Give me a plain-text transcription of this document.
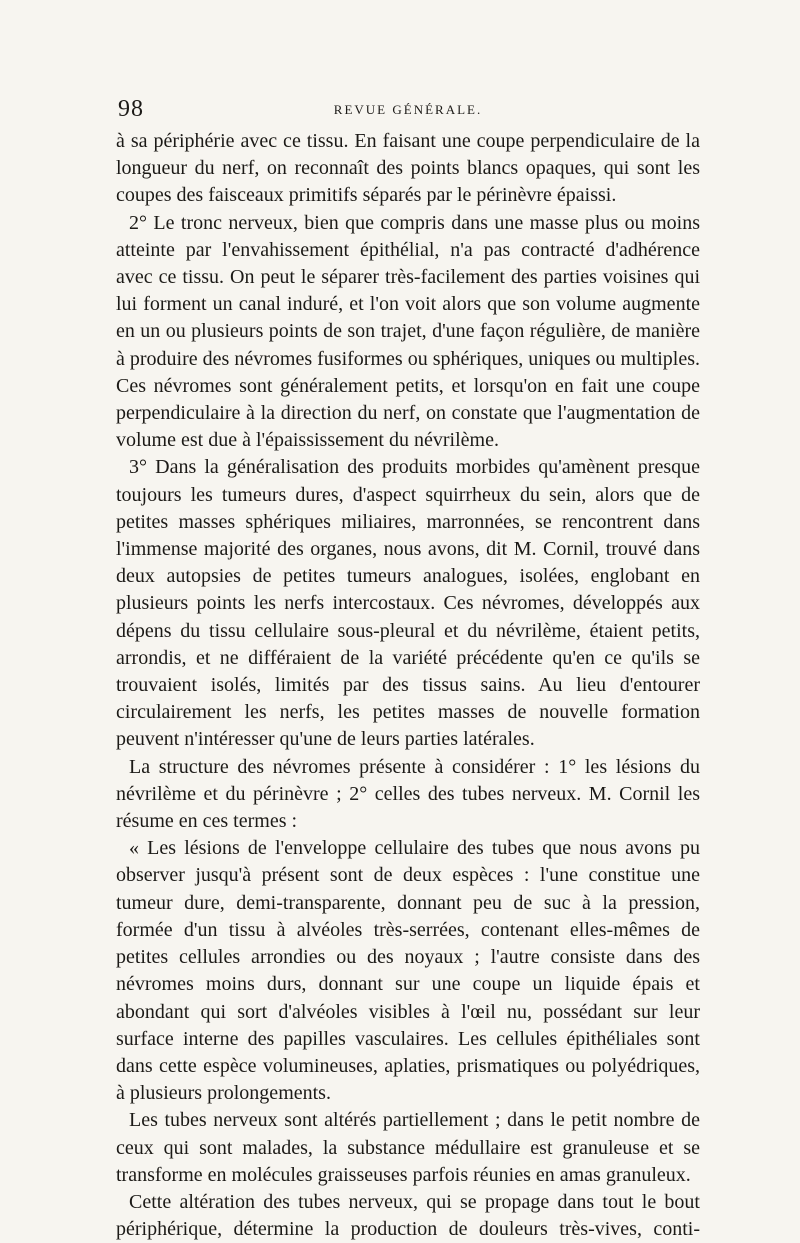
98	REVUE GÉNÉRALE.

à sa périphérie avec ce tissu. En faisant une coupe perpendiculaire de la longueur du nerf, on reconnaît des points blancs opaques, qui sont les coupes des faisceaux primitifs séparés par le périnèvre épaissi.

2° Le tronc nerveux, bien que compris dans une masse plus ou moins atteinte par l'envahissement épithélial, n'a pas contracté d'adhérence avec ce tissu. On peut le séparer très-facilement des parties voisines qui lui forment un canal induré, et l'on voit alors que son volume augmente en un ou plusieurs points de son trajet, d'une façon régulière, de manière à produire des névromes fusiformes ou sphériques, uniques ou multiples. Ces névromes sont généralement petits, et lorsqu'on en fait une coupe perpendiculaire à la direction du nerf, on constate que l'augmentation de volume est due à l'épaississement du névrilème.

3° Dans la généralisation des produits morbides qu'amènent presque toujours les tumeurs dures, d'aspect squirrheux du sein, alors que de petites masses sphériques miliaires, marronnées, se rencontrent dans l'immense majorité des organes, nous avons, dit M. Cornil, trouvé dans deux autopsies de petites tumeurs analogues, isolées, englobant en plusieurs points les nerfs intercostaux. Ces névromes, développés aux dépens du tissu cellulaire sous-pleural et du névrilème, étaient petits, arrondis, et ne différaient de la variété précédente qu'en ce qu'ils se trouvaient isolés, limités par des tissus sains. Au lieu d'entourer circulairement les nerfs, les petites masses de nouvelle formation peuvent n'intéresser qu'une de leurs parties latérales.

La structure des névromes présente à considérer : 1° les lésions du névrilème et du périnèvre ; 2° celles des tubes nerveux. M. Cornil les résume en ces termes :

« Les lésions de l'enveloppe cellulaire des tubes que nous avons pu observer jusqu'à présent sont de deux espèces : l'une constitue une tumeur dure, demi-transparente, donnant peu de suc à la pression, formée d'un tissu à alvéoles très-serrées, contenant elles-mêmes de petites cellules arrondies ou des noyaux ; l'autre consiste dans des névromes moins durs, donnant sur une coupe un liquide épais et abondant qui sort d'alvéoles visibles à l'œil nu, possédant sur leur surface interne des papilles vasculaires. Les cellules épithéliales sont dans cette espèce volumineuses, aplaties, prismatiques ou polyédriques, à plusieurs prolongements.

Les tubes nerveux sont altérés partiellement ; dans le petit nombre de ceux qui sont malades, la substance médullaire est granuleuse et se transforme en molécules graisseuses parfois réunies en amas granuleux.

Cette altération des tubes nerveux, qui se propage dans tout le bout périphérique, détermine la production de douleurs très-vives, conti-
